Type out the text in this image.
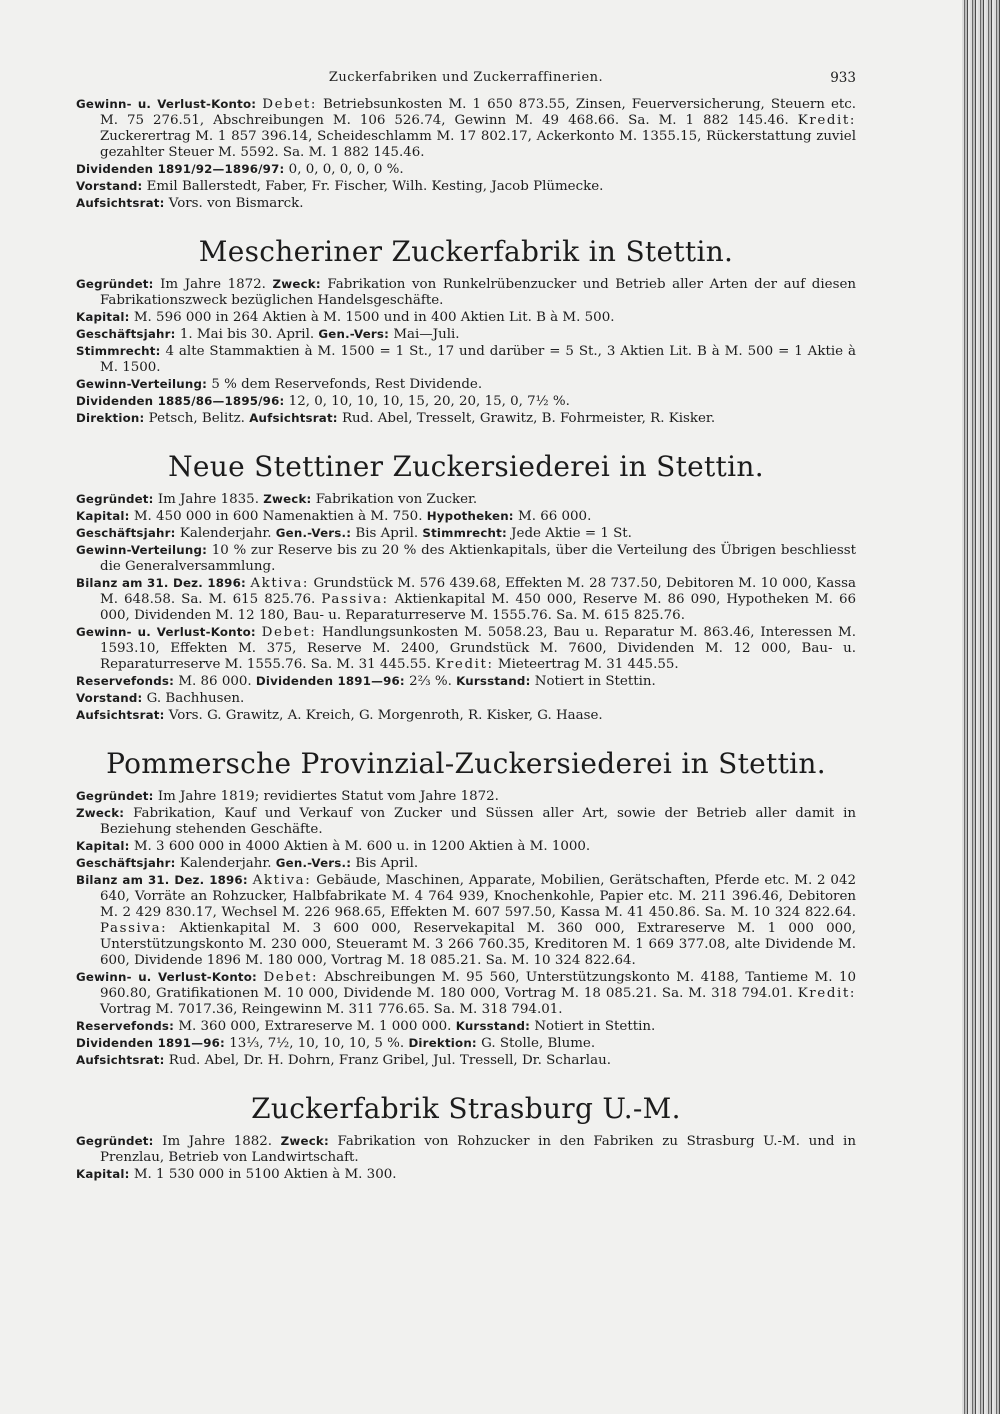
Zuckerfabriken und Zuckerraffinerien.	933

Gewinn- u. Verlust-Konto: Debet: Betriebsunkosten M. 1 650 873.55, Zinsen, Feuerversicherung, Steuern etc. M. 75 276.51, Abschreibungen M. 106 526.74, Gewinn M. 49 468.66. Sa. M. 1 882 145.46. Kredit: Zuckerertrag M. 1 857 396.14, Scheideschlamm M. 17 802.17, Ackerkonto M. 1355.15, Rückerstattung zuviel gezahlter Steuer M. 5592. Sa. M. 1 882 145.46.

Dividenden 1891/92—1896/97: 0, 0, 0, 0, 0, 0 %.

Vorstand: Emil Ballerstedt, Faber, Fr. Fischer, Wilh. Kesting, Jacob Plümecke.

Aufsichtsrat: Vors. von Bismarck.

Mescheriner Zuckerfabrik in Stettin.

Gegründet: Im Jahre 1872. Zweck: Fabrikation von Runkelrübenzucker und Betrieb aller Arten der auf diesen Fabrikationszweck bezüglichen Handelsgeschäfte.

Kapital: M. 596 000 in 264 Aktien à M. 1500 und in 400 Aktien Lit. B à M. 500.

Geschäftsjahr: 1. Mai bis 30. April. Gen.-Vers: Mai—Juli.

Stimmrecht: 4 alte Stammaktien à M. 1500 = 1 St., 17 und darüber = 5 St., 3 Aktien Lit. B à M. 500 = 1 Aktie à M. 1500.

Gewinn-Verteilung: 5 % dem Reservefonds, Rest Dividende.

Dividenden 1885/86—1895/96: 12, 0, 10, 10, 10, 15, 20, 20, 15, 0, 7½ %.

Direktion: Petsch, Belitz. Aufsichtsrat: Rud. Abel, Tresselt, Grawitz, B. Fohrmeister, R. Kisker.

Neue Stettiner Zuckersiederei in Stettin.

Gegründet: Im Jahre 1835. Zweck: Fabrikation von Zucker.

Kapital: M. 450 000 in 600 Namenaktien à M. 750. Hypotheken: M. 66 000.

Geschäftsjahr: Kalenderjahr. Gen.-Vers.: Bis April. Stimmrecht: Jede Aktie = 1 St.

Gewinn-Verteilung: 10 % zur Reserve bis zu 20 % des Aktienkapitals, über die Verteilung des Übrigen beschliesst die Generalversammlung.

Bilanz am 31. Dez. 1896: Aktiva: Grundstück M. 576 439.68, Effekten M. 28 737.50, Debitoren M. 10 000, Kassa M. 648.58. Sa. M. 615 825.76. Passiva: Aktienkapital M. 450 000, Reserve M. 86 090, Hypotheken M. 66 000, Dividenden M. 12 180, Bau- u. Reparaturreserve M. 1555.76. Sa. M. 615 825.76.

Gewinn- u. Verlust-Konto: Debet: Handlungsunkosten M. 5058.23, Bau u. Reparatur M. 863.46, Interessen M. 1593.10, Effekten M. 375, Reserve M. 2400, Grundstück M. 7600, Dividenden M. 12 000, Bau- u. Reparaturreserve M. 1555.76. Sa. M. 31 445.55. Kredit: Mieteertrag M. 31 445.55.

Reservefonds: M. 86 000. Dividenden 1891—96: 2⅔ %. Kursstand: Notiert in Stettin.

Vorstand: G. Bachhusen.

Aufsichtsrat: Vors. G. Grawitz, A. Kreich, G. Morgenroth, R. Kisker, G. Haase.

Pommersche Provinzial-Zuckersiederei in Stettin.

Gegründet: Im Jahre 1819; revidiertes Statut vom Jahre 1872.

Zweck: Fabrikation, Kauf und Verkauf von Zucker und Süssen aller Art, sowie der Betrieb aller damit in Beziehung stehenden Geschäfte.

Kapital: M. 3 600 000 in 4000 Aktien à M. 600 u. in 1200 Aktien à M. 1000.

Geschäftsjahr: Kalenderjahr. Gen.-Vers.: Bis April.

Bilanz am 31. Dez. 1896: Aktiva: Gebäude, Maschinen, Apparate, Mobilien, Gerätschaften, Pferde etc. M. 2 042 640, Vorräte an Rohzucker, Halbfabrikate M. 4 764 939, Knochenkohle, Papier etc. M. 211 396.46, Debitoren M. 2 429 830.17, Wechsel M. 226 968.65, Effekten M. 607 597.50, Kassa M. 41 450.86. Sa. M. 10 324 822.64. Passiva: Aktienkapital M. 3 600 000, Reservekapital M. 360 000, Extrareserve M. 1 000 000, Unterstützungskonto M. 230 000, Steueramt M. 3 266 760.35, Kreditoren M. 1 669 377.08, alte Dividende M. 600, Dividende 1896 M. 180 000, Vortrag M. 18 085.21. Sa. M. 10 324 822.64.

Gewinn- u. Verlust-Konto: Debet: Abschreibungen M. 95 560, Unterstützungskonto M. 4188, Tantieme M. 10 960.80, Gratifikationen M. 10 000, Dividende M. 180 000, Vortrag M. 18 085.21. Sa. M. 318 794.01. Kredit: Vortrag M. 7017.36, Reingewinn M. 311 776.65. Sa. M. 318 794.01.

Reservefonds: M. 360 000, Extrareserve M. 1 000 000. Kursstand: Notiert in Stettin.

Dividenden 1891—96: 13⅓, 7½, 10, 10, 10, 5 %. Direktion: G. Stolle, Blume.

Aufsichtsrat: Rud. Abel, Dr. H. Dohrn, Franz Gribel, Jul. Tressell, Dr. Scharlau.

Zuckerfabrik Strasburg U.-M.

Gegründet: Im Jahre 1882. Zweck: Fabrikation von Rohzucker in den Fabriken zu Strasburg U.-M. und in Prenzlau, Betrieb von Landwirtschaft.

Kapital: M. 1 530 000 in 5100 Aktien à M. 300.
